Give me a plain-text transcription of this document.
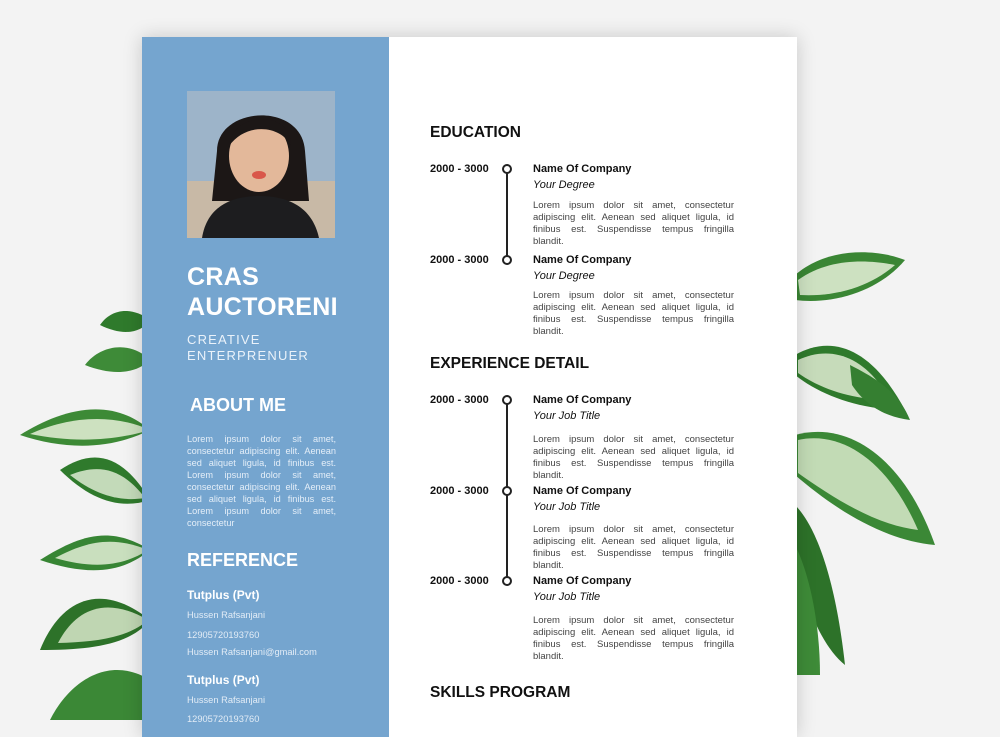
CRAS
AUCTORENI
CREATIVE
ENTERPRENUER
ABOUT ME
Lorem ipsum dolor sit amet, consectetur adipiscing elit. Aenean sed aliquet ligula, id finibus est. Lorem ipsum dolor sit amet, consectetur adipiscing elit. Aenean sed aliquet ligula, id finibus est. Lorem ipsum dolor sit amet, consectetur
REFERENCE
Tutplus (Pvt)
Hussen Rafsanjani
12905720193760
Hussen Rafsanjani@gmail.com
Tutplus (Pvt)
Hussen Rafsanjani
12905720193760
EDUCATION
2000 - 3000	Name Of Company
Your Degree
Lorem ipsum dolor sit amet, consectetur adipiscing elit. Aenean sed aliquet ligula, id finibus est. Suspendisse tempus fringilla blandit.
2000 - 3000	Name Of Company
Your Degree
Lorem ipsum dolor sit amet, consectetur adipiscing elit. Aenean sed aliquet ligula, id finibus est. Suspendisse tempus fringilla blandit.
EXPERIENCE DETAIL
2000 - 3000	Name Of Company
Your Job Title
Lorem ipsum dolor sit amet, consectetur adipiscing elit. Aenean sed aliquet ligula, id finibus est. Suspendisse tempus fringilla blandit.
2000 - 3000	Name Of Company
Your Job Title
Lorem ipsum dolor sit amet, consectetur adipiscing elit. Aenean sed aliquet ligula, id finibus est. Suspendisse tempus fringilla blandit.
2000 - 3000	Name Of Company
Your Job Title
Lorem ipsum dolor sit amet, consectetur adipiscing elit. Aenean sed aliquet ligula, id finibus est. Suspendisse tempus fringilla blandit.
SKILLS PROGRAM
